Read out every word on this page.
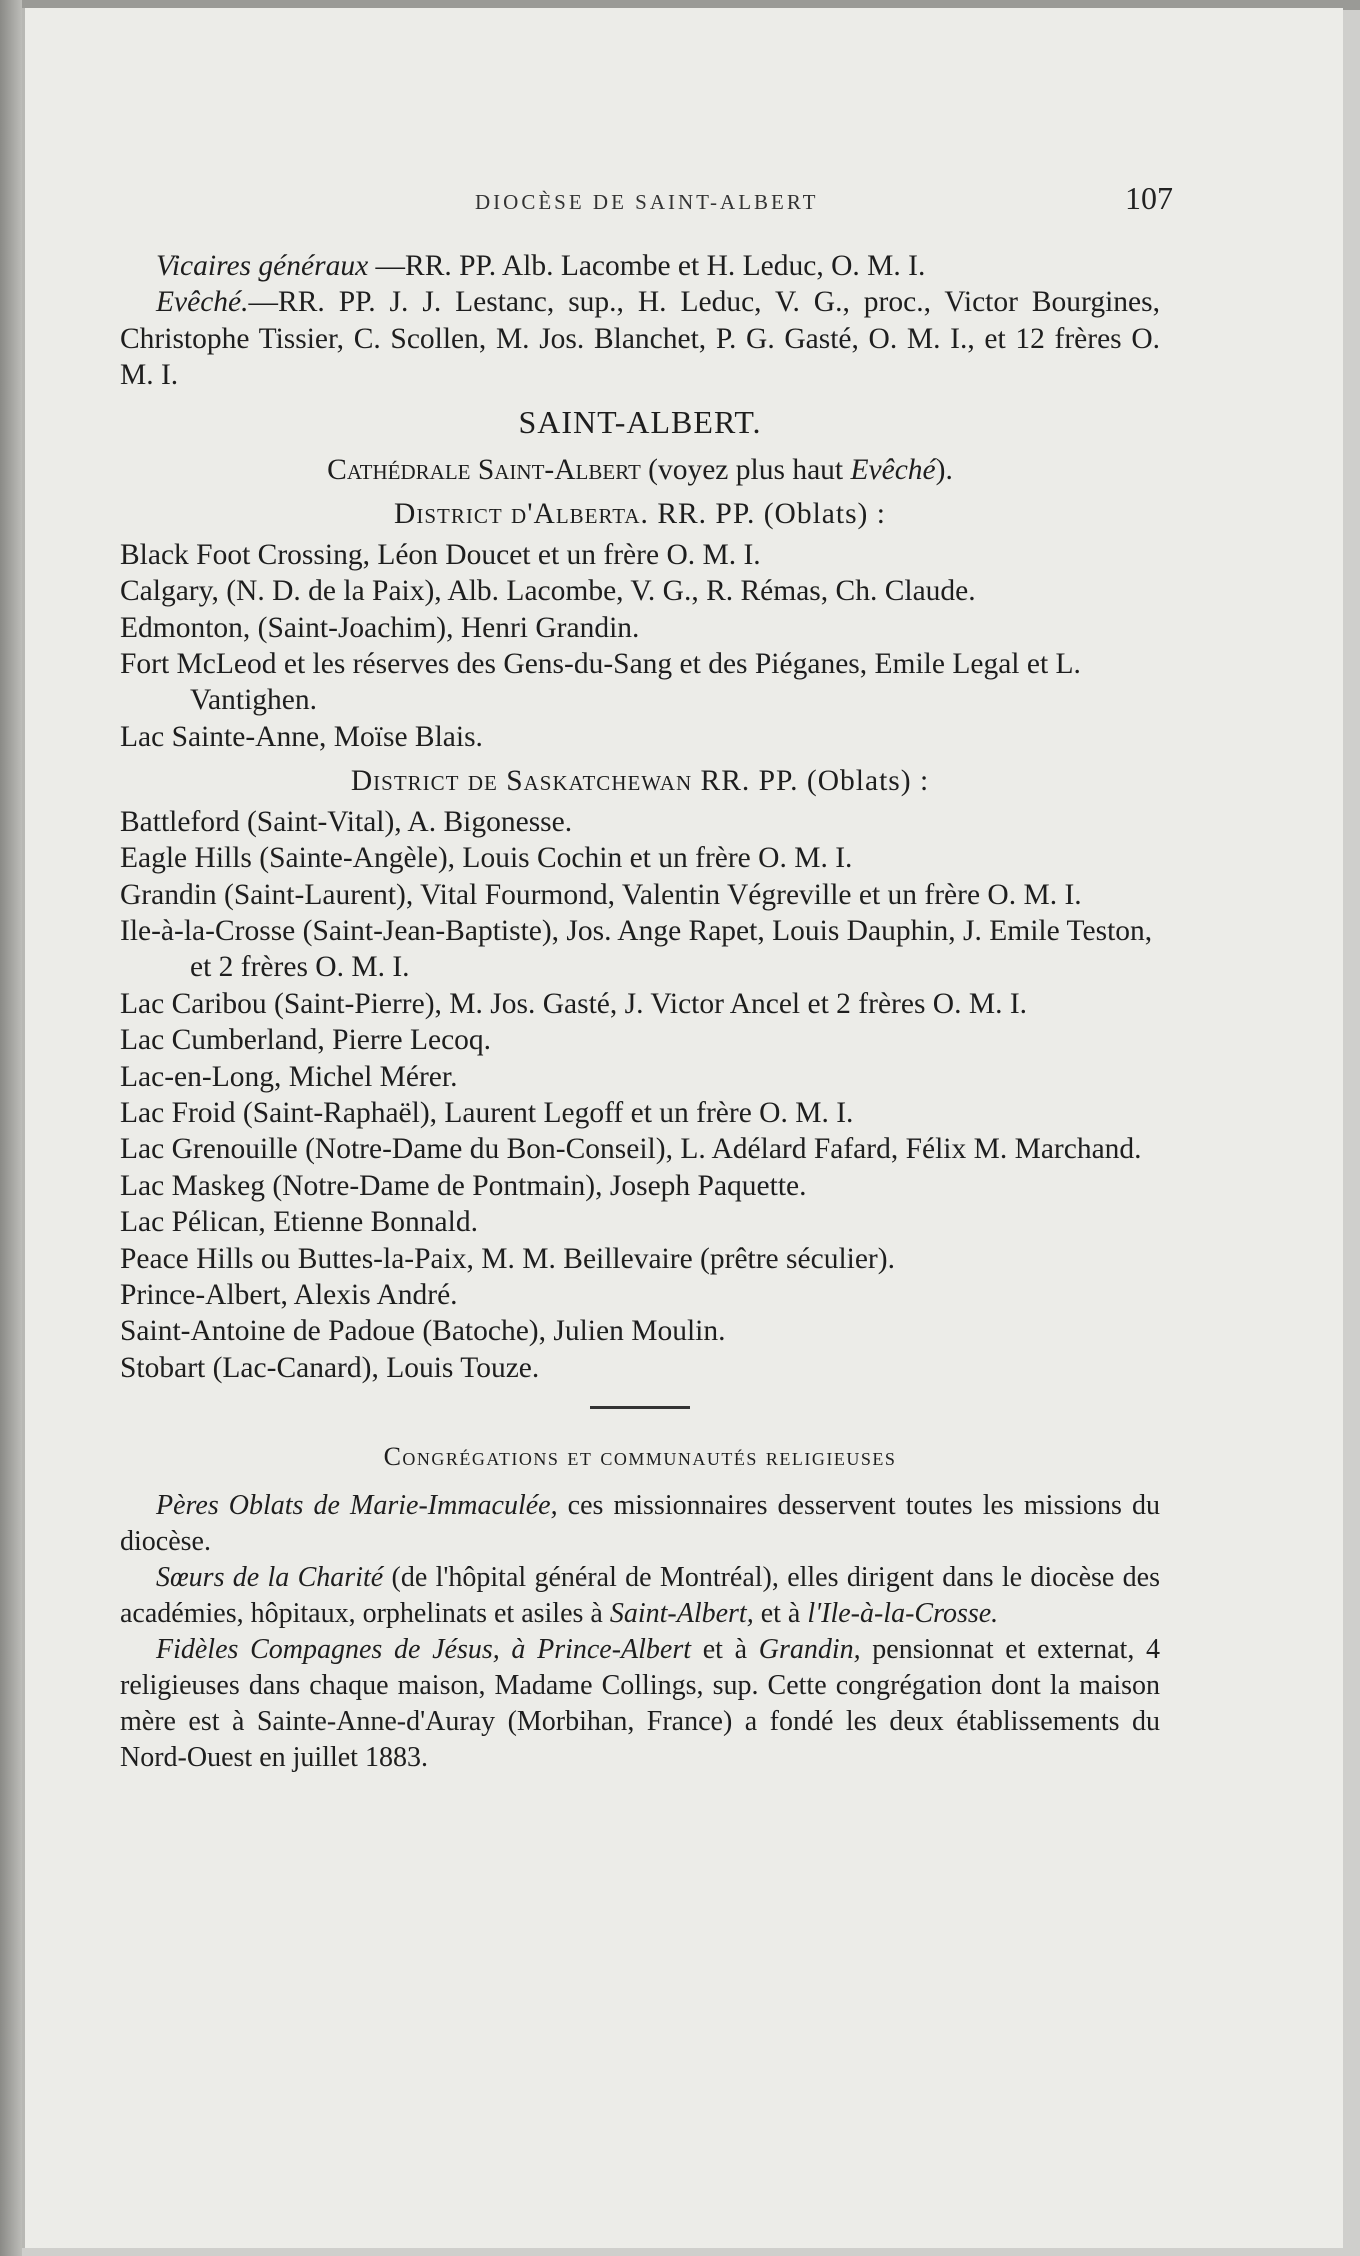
DIOCÈSE DE SAINT-ALBERT	107

Vicaires généraux —RR. PP. Alb. Lacombe et H. Leduc, O. M. I.

Evêché.—RR. PP. J. J. Lestanc, sup., H. Leduc, V. G., proc., Victor Bourgines, Christophe Tissier, C. Scollen, M. Jos. Blanchet, P. G. Gasté, O. M. I., et 12 frères O. M. I.

SAINT-ALBERT.

Cathédrale Saint-Albert (voyez plus haut Evêché).

District d'Alberta. RR. PP. (Oblats) :

Black Foot Crossing, Léon Doucet et un frère O. M. I.

Calgary, (N. D. de la Paix), Alb. Lacombe, V. G., R. Rémas, Ch. Claude.

Edmonton, (Saint-Joachim), Henri Grandin.

Fort McLeod et les réserves des Gens-du-Sang et des Piéganes, Emile Legal et L. Vantighen.

Lac Sainte-Anne, Moïse Blais.

District de Saskatchewan RR. PP. (Oblats) :

Battleford (Saint-Vital), A. Bigonesse.

Eagle Hills (Sainte-Angèle), Louis Cochin et un frère O. M. I.

Grandin (Saint-Laurent), Vital Fourmond, Valentin Végreville et un frère O. M. I.

Ile-à-la-Crosse (Saint-Jean-Baptiste), Jos. Ange Rapet, Louis Dauphin, J. Emile Teston, et 2 frères O. M. I.

Lac Caribou (Saint-Pierre), M. Jos. Gasté, J. Victor Ancel et 2 frères O. M. I.

Lac Cumberland, Pierre Lecoq.

Lac-en-Long, Michel Mérer.

Lac Froid (Saint-Raphaël), Laurent Legoff et un frère O. M. I.

Lac Grenouille (Notre-Dame du Bon-Conseil), L. Adélard Fafard, Félix M. Marchand.

Lac Maskeg (Notre-Dame de Pontmain), Joseph Paquette.

Lac Pélican, Etienne Bonnald.

Peace Hills ou Buttes-la-Paix, M. M. Beillevaire (prêtre séculier).

Prince-Albert, Alexis André.

Saint-Antoine de Padoue (Batoche), Julien Moulin.

Stobart (Lac-Canard), Louis Touze.

Congrégations et communautés religieuses

Pères Oblats de Marie-Immaculée, ces missionnaires desservent toutes les missions du diocèse.

Sœurs de la Charité (de l'hôpital général de Montréal), elles dirigent dans le diocèse des académies, hôpitaux, orphelinats et asiles à Saint-Albert, et à l'Ile-à-la-Crosse.

Fidèles Compagnes de Jésus, à Prince-Albert et à Grandin, pensionnat et externat, 4 religieuses dans chaque maison, Madame Collings, sup. Cette congrégation dont la maison mère est à Sainte-Anne-d'Auray (Morbihan, France) a fondé les deux établissements du Nord-Ouest en juillet 1883.
